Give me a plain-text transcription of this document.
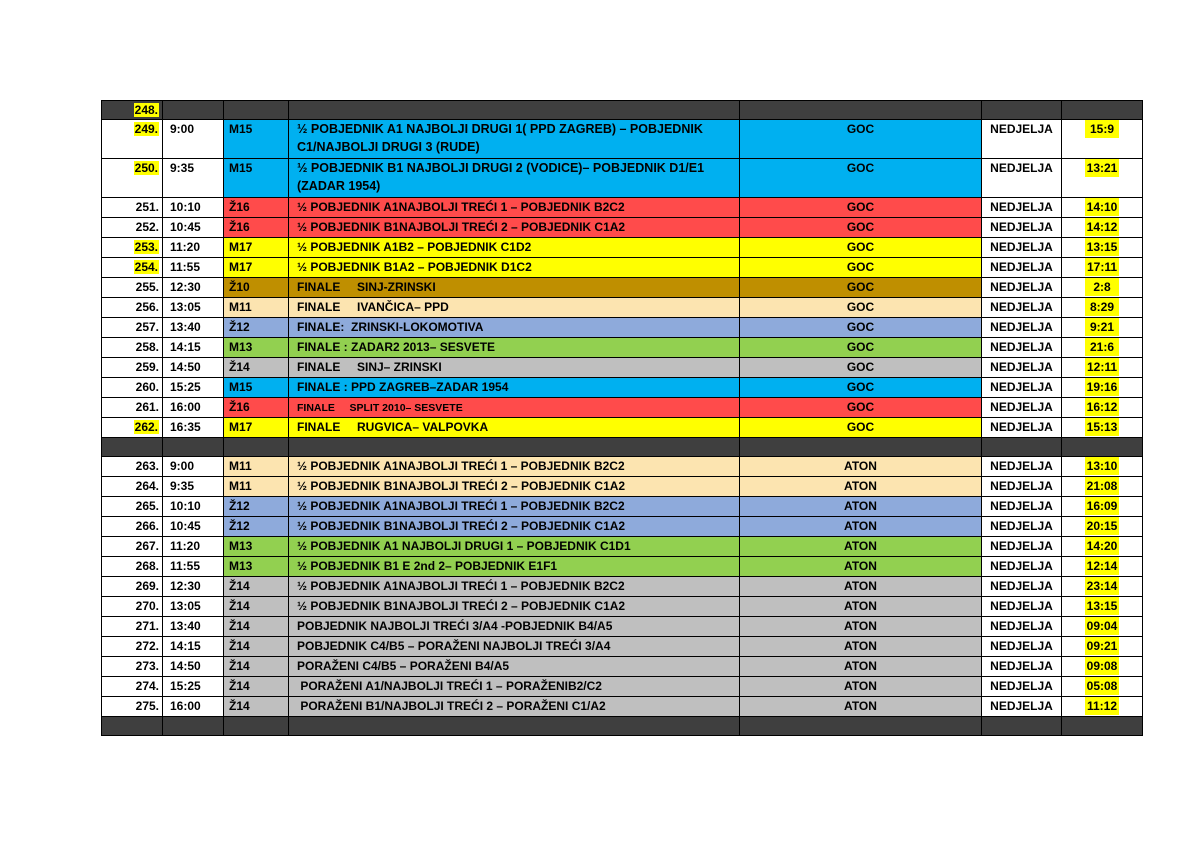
248.						
249.	9:00	M15	½ POBJEDNIK A1 NAJBOLJI DRUGI 1( PPD ZAGREB) – POBJEDNIK C1/NAJBOLJI DRUGI 3 (RUDE)	GOC	NEDJELJA	15:9
250.	9:35	M15	½ POBJEDNIK B1 NAJBOLJI DRUGI 2 (VODICE)– POBJEDNIK D1/E1 (ZADAR 1954)	GOC	NEDJELJA	13:21
251.	10:10	Ž16	½ POBJEDNIK A1NAJBOLJI TREĆI 1 – POBJEDNIK B2C2	GOC	NEDJELJA	14:10
252.	10:45	Ž16	½ POBJEDNIK B1NAJBOLJI TREĆI 2 – POBJEDNIK C1A2	GOC	NEDJELJA	14:12
253.	11:20	M17	½ POBJEDNIK A1B2 – POBJEDNIK C1D2	GOC	NEDJELJA	13:15
254.	11:55	M17	½ POBJEDNIK B1A2 – POBJEDNIK D1C2	GOC	NEDJELJA	17:11
255.	12:30	Ž10	FINALE     SINJ-ZRINSKI	GOC	NEDJELJA	2:8
256.	13:05	M11	FINALE     IVANČICA– PPD	GOC	NEDJELJA	8:29
257.	13:40	Ž12	FINALE:  ZRINSKI-LOKOMOTIVA	GOC	NEDJELJA	9:21
258.	14:15	M13	FINALE : ZADAR2 2013– SESVETE	GOC	NEDJELJA	21:6
259.	14:50	Ž14	FINALE     SINJ– ZRINSKI	GOC	NEDJELJA	12:11
260.	15:25	M15	FINALE : PPD ZAGREB–ZADAR 1954	GOC	NEDJELJA	19:16
261.	16:00	Ž16	FINALE     SPLIT 2010– SESVETE	GOC	NEDJELJA	16:12
262.	16:35	M17	FINALE     RUGVICA– VALPOVKA	GOC	NEDJELJA	15:13

263.	9:00	M11	½ POBJEDNIK A1NAJBOLJI TREĆI 1 – POBJEDNIK B2C2	ATON	NEDJELJA	13:10
264.	9:35	M11	½ POBJEDNIK B1NAJBOLJI TREĆI 2 – POBJEDNIK C1A2	ATON	NEDJELJA	21:08
265.	10:10	Ž12	½ POBJEDNIK A1NAJBOLJI TREĆI 1 – POBJEDNIK B2C2	ATON	NEDJELJA	16:09
266.	10:45	Ž12	½ POBJEDNIK B1NAJBOLJI TREĆI 2 – POBJEDNIK C1A2	ATON	NEDJELJA	20:15
267.	11:20	M13	½ POBJEDNIK A1 NAJBOLJI DRUGI 1 – POBJEDNIK C1D1	ATON	NEDJELJA	14:20
268.	11:55	M13	½ POBJEDNIK B1 E 2nd 2– POBJEDNIK E1F1	ATON	NEDJELJA	12:14
269.	12:30	Ž14	½ POBJEDNIK A1NAJBOLJI TREĆI 1 – POBJEDNIK B2C2	ATON	NEDJELJA	23:14
270.	13:05	Ž14	½ POBJEDNIK B1NAJBOLJI TREĆI 2 – POBJEDNIK C1A2	ATON	NEDJELJA	13:15
271.	13:40	Ž14	POBJEDNIK NAJBOLJI TREĆI 3/A4 -POBJEDNIK B4/A5	ATON	NEDJELJA	09:04
272.	14:15	Ž14	POBJEDNIK C4/B5 – PORAŽENI NAJBOLJI TREĆI 3/A4	ATON	NEDJELJA	09:21
273.	14:50	Ž14	PORAŽENI C4/B5 – PORAŽENI B4/A5	ATON	NEDJELJA	09:08
274.	15:25	Ž14	PORAŽENI A1/NAJBOLJI TREĆI 1 – PORAŽENIB2/C2	ATON	NEDJELJA	05:08
275.	16:00	Ž14	PORAŽENI B1/NAJBOLJI TREĆI 2 – PORAŽENI C1/A2	ATON	NEDJELJA	11:12
